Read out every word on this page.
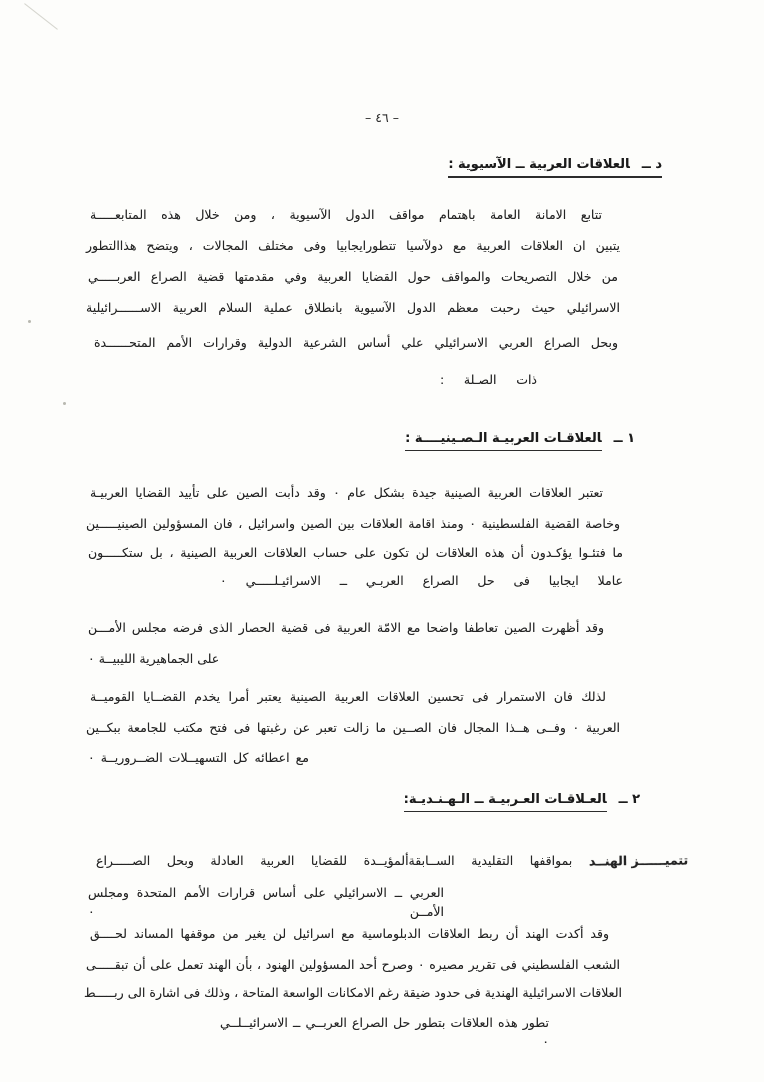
– ٤٦ –
د ــالعلاقات العربية ــ الآسيوية :
تتابع الامانة العامة باهتمام مواقف الدول الآسيوية ، ومن خلال هذه المتابعـــــة
يتبين ان العلاقات العربية مع دولآسيا تتطورايجابيا وفى مختلف المجالات ، ويتضح هذاالتطور
من خلال التصريحات والمواقف حول القضايا العربية وفي مقدمتها قضية الصراع العربـــــي
الاسرائيلي حيث رحبت معظم الدول الآسيوية بانطلاق عملية السلام العربية الاســــــرائيلية
وبحل الصراع العربي الاسرائيلي علي أساس الشرعية الدولية وقرارات الأمم المتحــــــدة
ذات الصـلة :
١ ــالعلاقـات العربيـة الـصـينيــــة :
تعتبر العلاقات العربية الصينية جيدة بشكل عام ٠ وقد دأبت الصين على تأييد القضايا العربيـة
وخاصة القضية الفلسطينية ٠ ومنذ اقامة العلاقات بين الصين واسرائيل ، فان المسؤولين الصينيـــــين
ما فتئـوا يؤكـدون أن هذه العلاقات لن تكون على حساب العلاقات العربية الصينية ، بل ستكـــــون
عاملا ايجابيا فى حل الصراع العربـي ــ الاسرائيـلـــــي ٠
وقد أظهرت الصين تعاطفا واضحا مع الامّة العربية فى قضية الحصار الذى فرضه مجلس الأمـــن
على الجماهيرية الليبيــة ٠
لذلك فان الاستمرار فى تحسين العلاقات العربية الصينية يعتبر أمرا يخدم القضــايا القوميــة
العربية ٠ وفــى هــذا المجال فان الصــين ما زالت تعبر عن رغبتها فى فتح مكتب للجامعة ببكــين
مع اعطائه كل التسهيــلات الضــروريــة ٠
٢ ــالعـلاقـات العـربيـة ــ الـهـنـديـة:
تتميــــــز الهنــد بمواقفها التقليدية الســابقةألمؤيــدة للقضايا العربية العادلة وبحل الصـــــراع
العربي ــ الاسرائيلي على أساس قرارات الأمم المتحدة ومجلس الأمــن ٠
وقد أكدت الهند أن ربط العلاقات الدبلوماسية مع اسرائيل لن يغير من موقفها المساند لحــــق
الشعب الفلسطيني فى تقرير مصيره ٠ وصرح أحد المسؤولين الهنود ، بأن الهند تعمل على أن تبقـــــى
العلاقات الاسرائيلية الهندية فى حدود ضيقة رغم الامكانات الواسعة المتاحة ، وذلك فى اشارة الى ربـــــط
تطور هذه العلاقات بتطور حل الصراع العربــي ــ الاسرائيــلــي ٠
